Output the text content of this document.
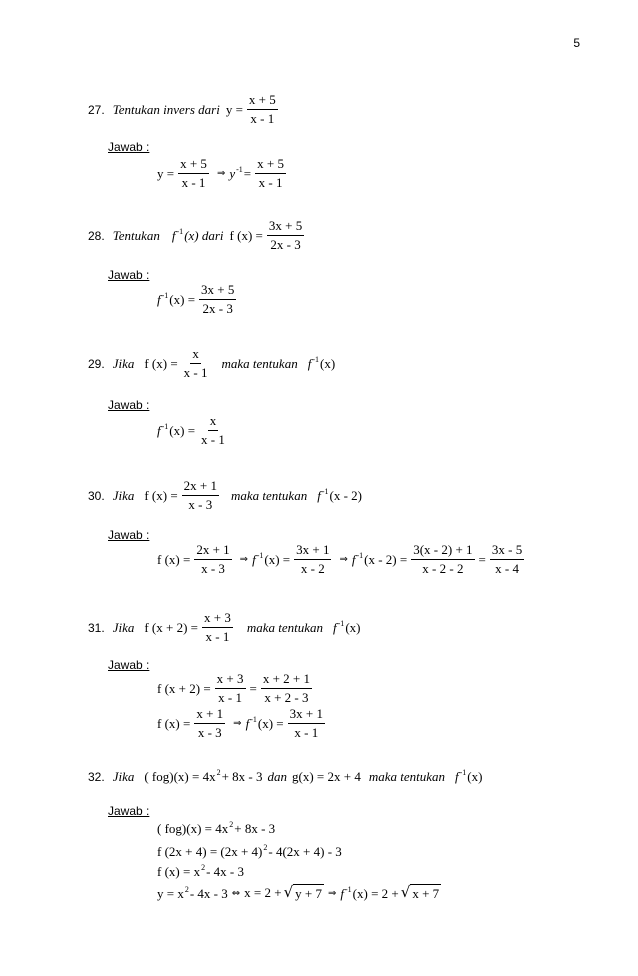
5
27. Tentukan invers dari $y = \frac{x + 5}{x - 1}$
Jawab :
$y = \frac{x + 5}{x - 1}$ ⇒ $y^{-1}= \frac{x + 5}{x - 1}$
28. Tentukan $f^{-1}(x)$ dari f $(x) = \frac{3x + 5}{2x - 3}$
Jawab :
$f^{-1}(x) = \frac{3x + 5}{2x - 3}$
29. Jika f $(x) = \frac{x}{x - 1}$ maka tentukan $f^{-1}(x)$
Jawab :
$f^{-1}(x) = \frac{x}{x - 1}$
30. Jika f $(x) = \frac{2x + 1}{x - 3}$ maka tentukan $f^{-1}(x - 2)$
Jawab :
f $(x) = \frac{2x + 1}{x - 3}$ ⇒ $f^{-1}(x) = \frac{3x + 1}{x - 2}$ ⇒ $f^{-1}(x - 2) = \frac{3(x - 2) + 1}{x - 2 - 2} = \frac{3x - 5}{x - 4}$
31. Jika f $(x + 2) = \frac{x + 3}{x - 1}$ maka tentukan $f^{-1}(x)$
Jawab :
f $(x + 2) = \frac{x + 3}{x - 1} = \frac{x + 2 + 1}{x + 2 - 3}$
f $(x) = \frac{x + 1}{x - 3}$ ⇒ $f^{-1}(x) = \frac{3x + 1}{x - 1}$
32. Jika ( $fog)(x) = 4x^2+ 8x - 3$ dan g(x) = 2x + 4 maka tentukan $f^{-1}(x)$
Jawab :
( $fog)(x) = 4x^2+ 8x - 3$
f $(2x + 4) = (2x + 4)^2-$ 4(2x + 4) - 3
f $(x) = x^2-$ 4x - 3
$y = x^2-$ 4x - 3 ⇔ x = 2 + √ y + 7 ⇒ $f^{-1}(x) = 2$ + √ x + 7
